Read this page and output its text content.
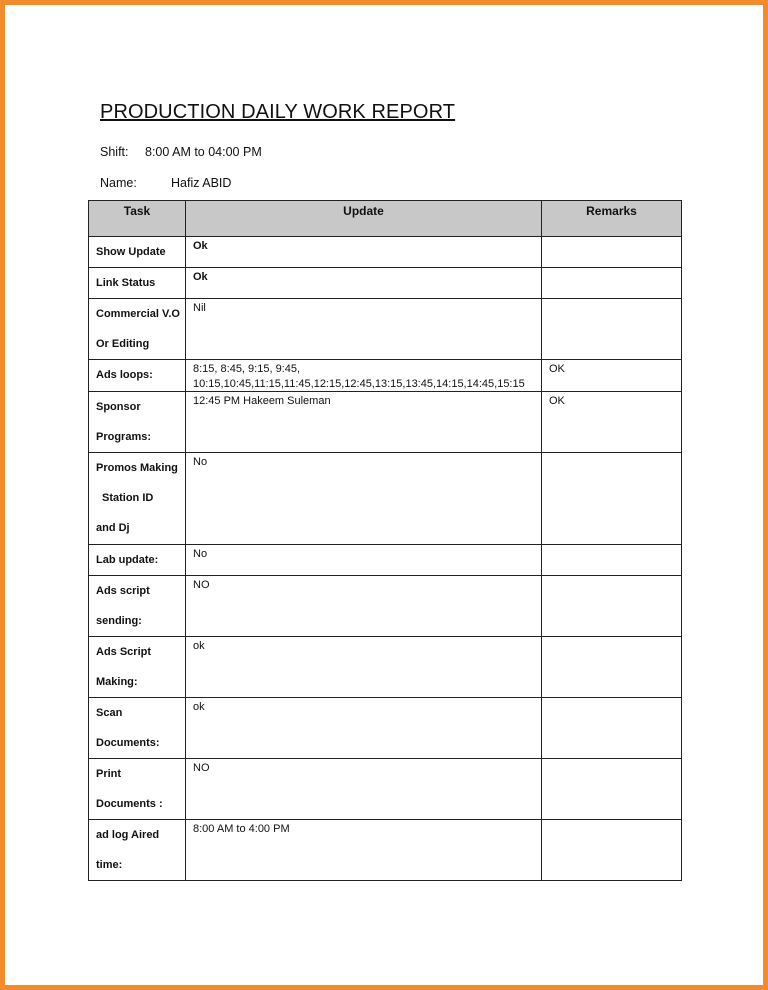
PRODUCTION DAILY WORK REPORT
Shift: 8:00 AM to 04:00 PM
Name:	Hafiz ABID
Task	Update	Remarks

Show Update	Ok	

Link Status	Ok	

Commercial V.O
Or Editing	Nil	

Ads loops:	8:15, 8:45, 9:15, 9:45,
10:15,10:45,11:15,11:45,12:15,12:45,13:15,13:45,14:15,14:45,15:15	OK

Sponsor
Programs:	12:45 PM Hakeem Suleman	OK

Promos Making
Station ID
and Dj	No	

Lab update:	No	

Ads script
sending:	NO	

Ads Script
Making:	ok	

Scan
Documents:	ok	

Print
Documents :	NO	

ad log Aired
time:	8:00 AM to 4:00 PM	
